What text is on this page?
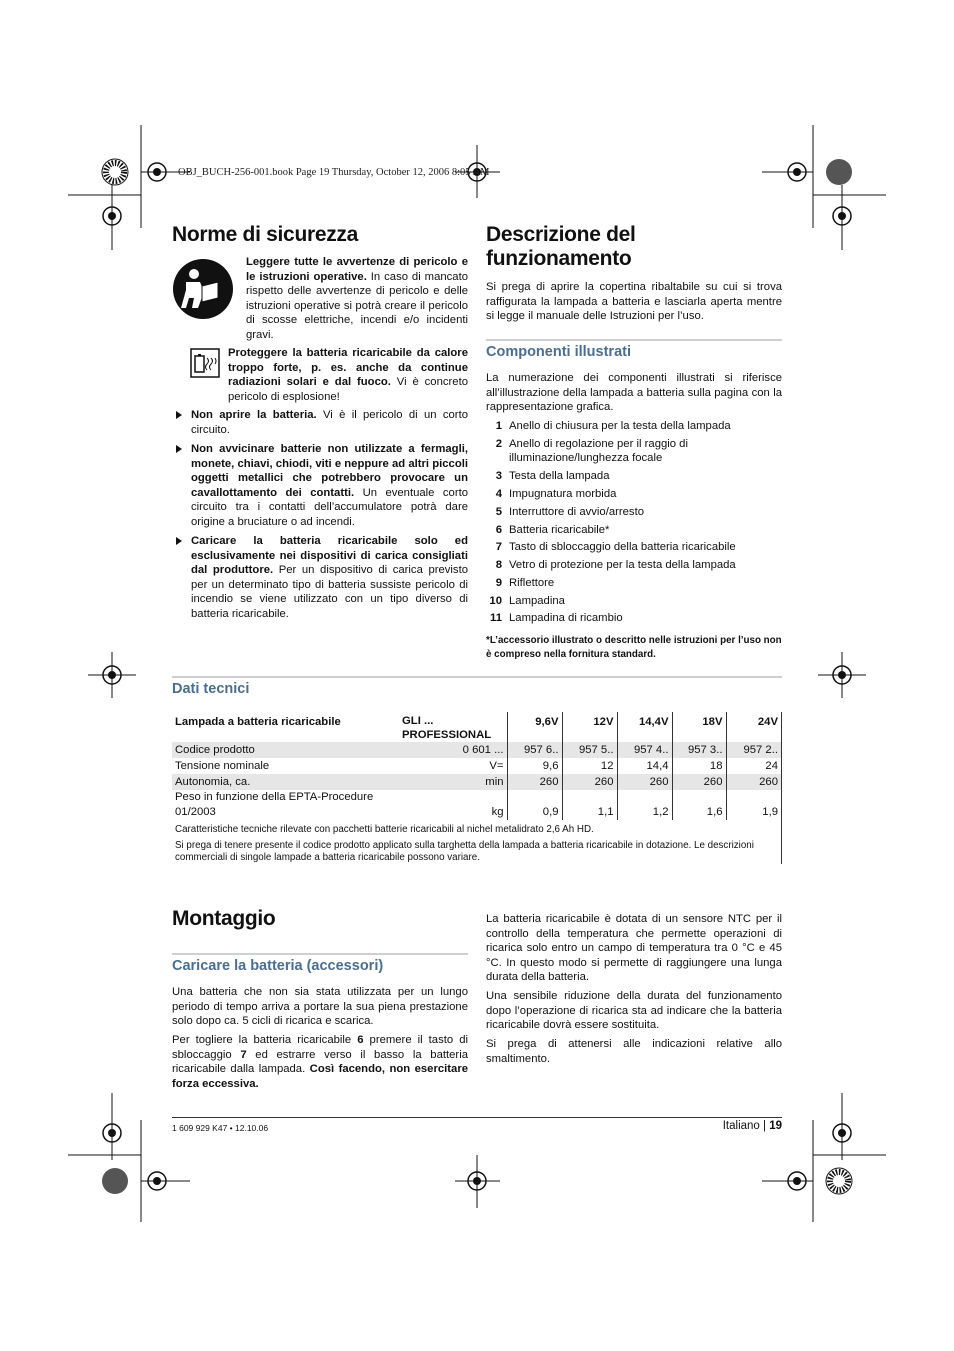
OBJ_BUCH-256-001.book Page 19 Thursday, October 12, 2006 8:05 AM
Norme di sicurezza
Leggere tutte le avvertenze di pericolo e le istruzioni operative. In caso di mancato rispetto delle avvertenze di pericolo e delle istruzioni operative si potrà creare il pericolo di scosse elettriche, incendi e/o incidenti gravi.
Proteggere la batteria ricaricabile da calore troppo forte, p. es. anche da continue radiazioni solari e dal fuoco. Vi è concreto pericolo di esplosione!
Non aprire la batteria. Vi è il pericolo di un corto circuito.
Non avvicinare batterie non utilizzate a fermagli, monete, chiavi, chiodi, viti e neppure ad altri piccoli oggetti metallici che potrebbero provocare un cavallottamento dei contatti. Un eventuale corto circuito tra i contatti dell’accumulatore potrà dare origine a bruciature o ad incendi.
Caricare la batteria ricaricabile solo ed esclusivamente nei dispositivi di carica consigliati dal produttore. Per un dispositivo di carica previsto per un determinato tipo di batteria sussiste pericolo di incendio se viene utilizzato con un tipo diverso di batteria ricaricabile.
Descrizione del funzionamento
Si prega di aprire la copertina ribaltabile su cui si trova raffigurata la lampada a batteria e lasciarla aperta mentre si legge il manuale delle Istruzioni per l’uso.
Componenti illustrati
La numerazione dei componenti illustrati si riferisce all’illustrazione della lampada a batteria sulla pagina con la rappresentazione grafica.
1 Anello di chiusura per la testa della lampada
2 Anello di regolazione per il raggio di illuminazione/lunghezza focale
3 Testa della lampada
4 Impugnatura morbida
5 Interruttore di avvio/arresto
6 Batteria ricaricabile*
7 Tasto di sbloccaggio della batteria ricaricabile
8 Vetro di protezione per la testa della lampada
9 Riflettore
10 Lampadina
11 Lampadina di ricambio
*L’accessorio illustrato o descritto nelle istruzioni per l’uso non è compreso nella fornitura standard.
Dati tecnici
Lampada a batteria ricaricabile	GLI ... PROFESSIONAL	9,6V	12V	14,4V	18V	24V
Codice prodotto	0 601 ...	957 6..	957 5..	957 4..	957 3..	957 2..
Tensione nominale	V=	9,6	12	14,4	18	24
Autonomia, ca.	min	260	260	260	260	260
Peso in funzione della EPTA-Procedure 01/2003	kg	0,9	1,1	1,2	1,6	1,9
Caratteristiche tecniche rilevate con pacchetti batterie ricaricabili al nichel metalidrato 2,6 Ah HD.
Si prega di tenere presente il codice prodotto applicato sulla targhetta della lampada a batteria ricaricabile in dotazione. Le descrizioni commerciali di singole lampade a batteria ricaricabile possono variare.
Montaggio
Caricare la batteria (accessori)
Una batteria che non sia stata utilizzata per un lungo periodo di tempo arriva a portare la sua piena prestazione solo dopo ca. 5 cicli di ricarica e scarica.
Per togliere la batteria ricaricabile 6 premere il tasto di sbloccaggio 7 ed estrarre verso il basso la batteria ricaricabile dalla lampada. Così facendo, non esercitare forza eccessiva.
La batteria ricaricabile è dotata di un sensore NTC per il controllo della temperatura che permette operazioni di ricarica solo entro un campo di temperatura tra 0 °C e 45 °C. In questo modo si permette di raggiungere una lunga durata della batteria.
Una sensibile riduzione della durata del funzionamento dopo l’operazione di ricarica sta ad indicare che la batteria ricaricabile dovrà essere sostituita.
Si prega di attenersi alle indicazioni relative allo smaltimento.
1 609 929 K47 • 12.10.06	Italiano | 19
